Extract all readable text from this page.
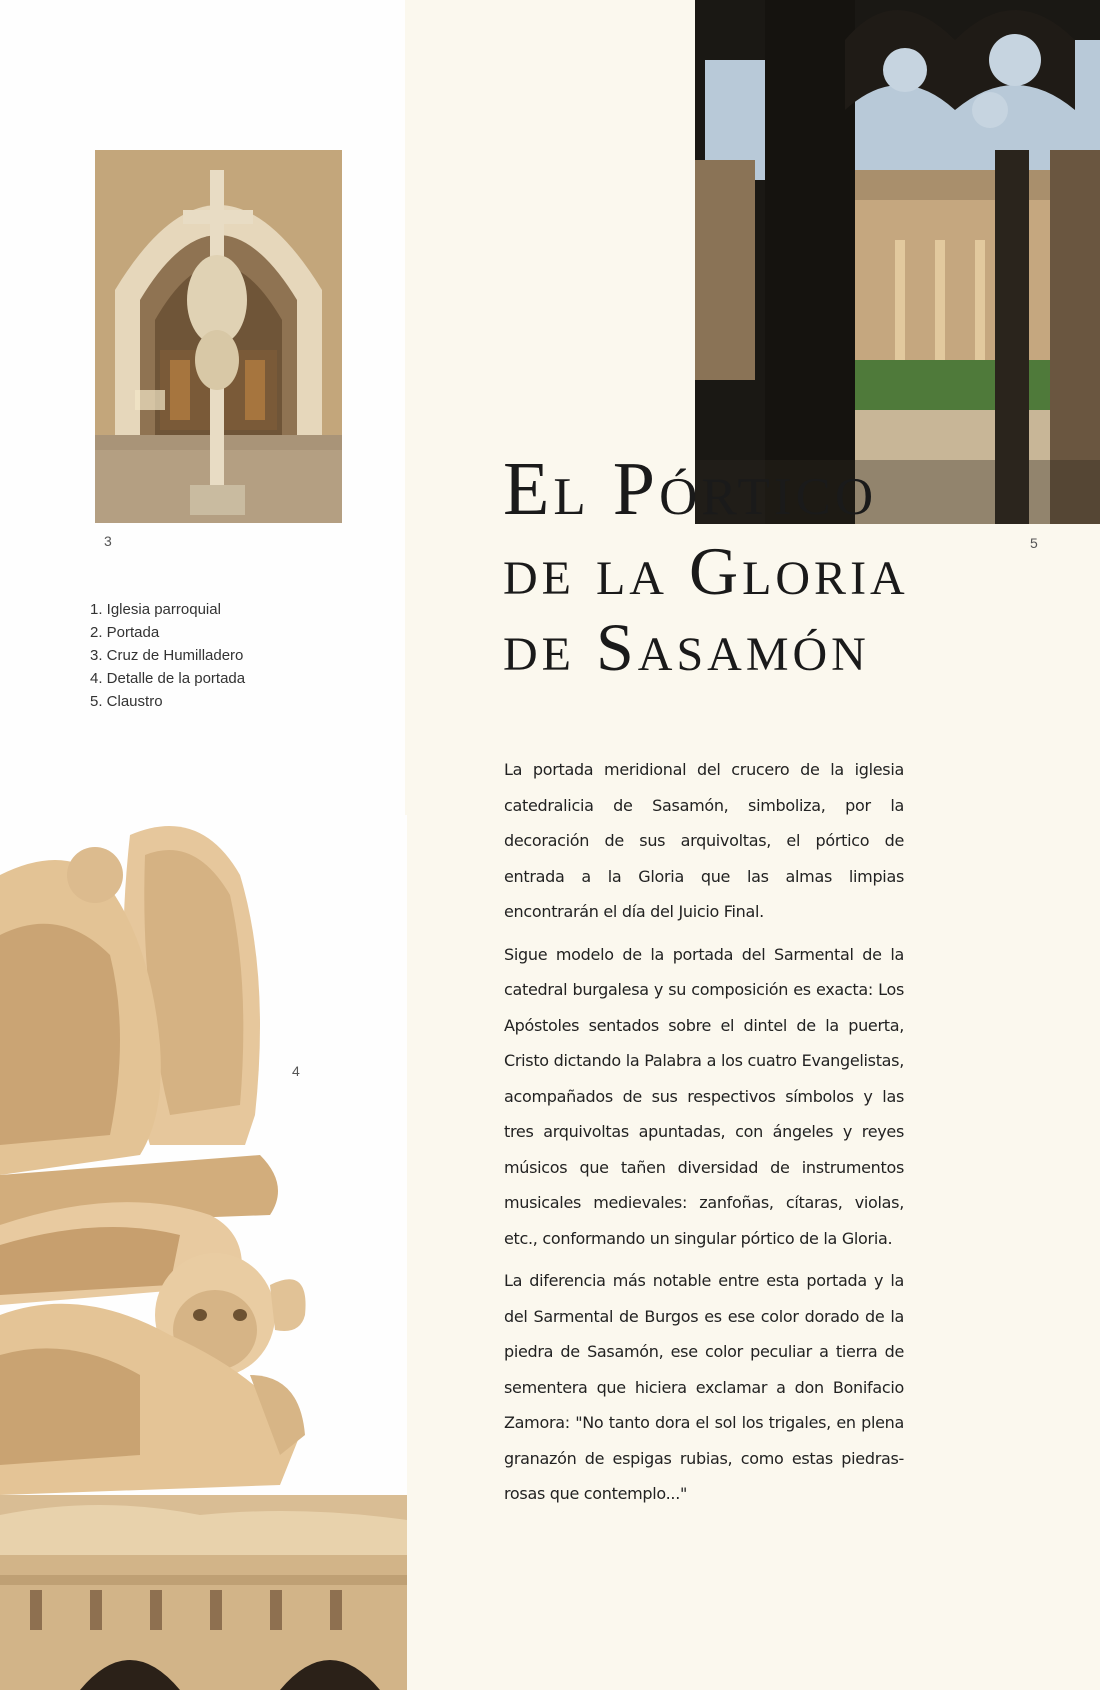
3
1. Iglesia parroquial
2. Portada
3. Cruz de Humilladero
4. Detalle de la portada
5. Claustro
5
4
El Pórtico
de la Gloria
de Sasamón

La portada meridional del crucero de la iglesia catedralicia de Sasamón, simboliza, por la decoración de sus arquivoltas, el pórtico de entrada a la Gloria que las almas limpias encontrarán el día del Juicio Final.

Sigue modelo de la portada del Sarmental de la catedral burgalesa y su composición es exacta: Los Apóstoles sentados sobre el dintel de la puerta, Cristo dictando la Palabra a los cuatro Evangelistas, acompañados de sus respectivos símbolos y las tres arquivoltas apuntadas, con ángeles y reyes músicos que tañen diversidad de instrumentos musicales medievales: zanfoñas, cítaras, violas, etc., conformando un singular pórtico de la Gloria.

La diferencia más notable entre esta portada y la del Sarmental de Burgos es ese color dorado de la piedra de Sasamón, ese color peculiar a tierra de sementera que hiciera exclamar a don Bonifacio Zamora: "No tanto dora el sol los trigales, en plena granazón de espigas rubias, como estas piedras-rosas que contemplo..."
